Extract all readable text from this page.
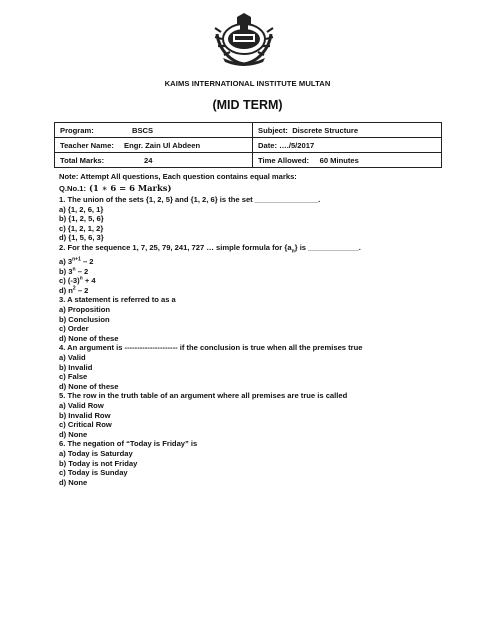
KAIMS INTERNATIONAL INSTITUTE MULTAN
(MID TERM)
Program: BSCS	Subject: Discrete Structure
Teacher Name: Engr. Zain Ul Abdeen	Date: …./5/2017
Total Marks: 24	Time Allowed: 60 Minutes
Note: Attempt All questions, Each question contains equal marks:
Q.No.1: (1 ∗ 6 = 6 Marks)
1. The union of the sets {1, 2, 5} and {1, 2, 6} is the set _______________.
a) {1, 2, 6, 1}
b) {1, 2, 5, 6}
c) {1, 2, 1, 2}
d) {1, 5, 6, 3}
2. For the sequence 1, 7, 25, 79, 241, 727 … simple formula for $\{a_n\}$ is ____________.
a) $3^{n+1} - 2$
b) 3$^n$ – 2
c) $(-3)^n + 4$
d) $n^2 - 2$
3. A statement is referred to as a
a) Proposition
b) Conclusion
c) Order
d) None of these
4. An argument is --------------------- if the conclusion is true when all the premises true
a) Valid
b) Invalid
c) False
d) None of these
5. The row in the truth table of an argument where all premises are true is called
a) Valid Row
b) Invalid Row
c) Critical Row
d) None
6. The negation of “Today is Friday” is
a) Today is Saturday
b) Today is not Friday
c) Today is Sunday
d) None
